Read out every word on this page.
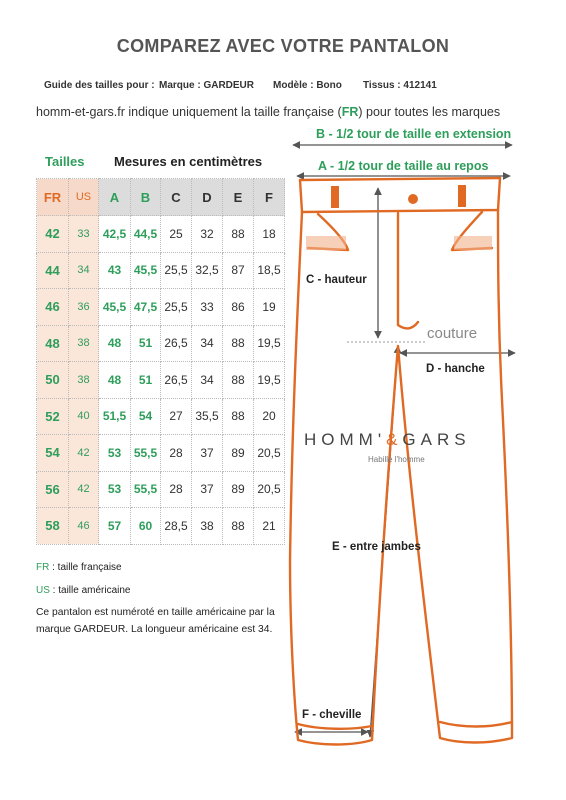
COMPAREZ AVEC VOTRE PANTALON
Guide des tailles pour : Marque : GARDEUR Modèle : Bono Tissus : 412141
homm-et-gars.fr indique uniquement la taille française (FR) pour toutes les marques
Tailles Mesures en centimètres
FR	US	A	B	C	D	E	F
42	33	42,5	44,5	25	32	88	18
44	34	43	45,5	25,5	32,5	87	18,5
46	36	45,5	47,5	25,5	33	86	19
48	38	48	51	26,5	34	88	19,5
50	38	48	51	26,5	34	88	19,5
52	40	51,5	54	27	35,5	88	20
54	42	53	55,5	28	37	89	20,5
56	42	53	55,5	28	37	89	20,5
58	46	57	60	28,5	38	88	21
FR : taille française
US : taille américaine
Ce pantalon est numéroté en taille américaine par la marque GARDEUR. La longueur américaine est 34.
B - 1/2 tour de taille en extension
A - 1/2 tour de taille au repos
C - hauteur
couture
D - hanche
E - entre jambes
F - cheville
HOMM'&GARS
Habille l'homme
